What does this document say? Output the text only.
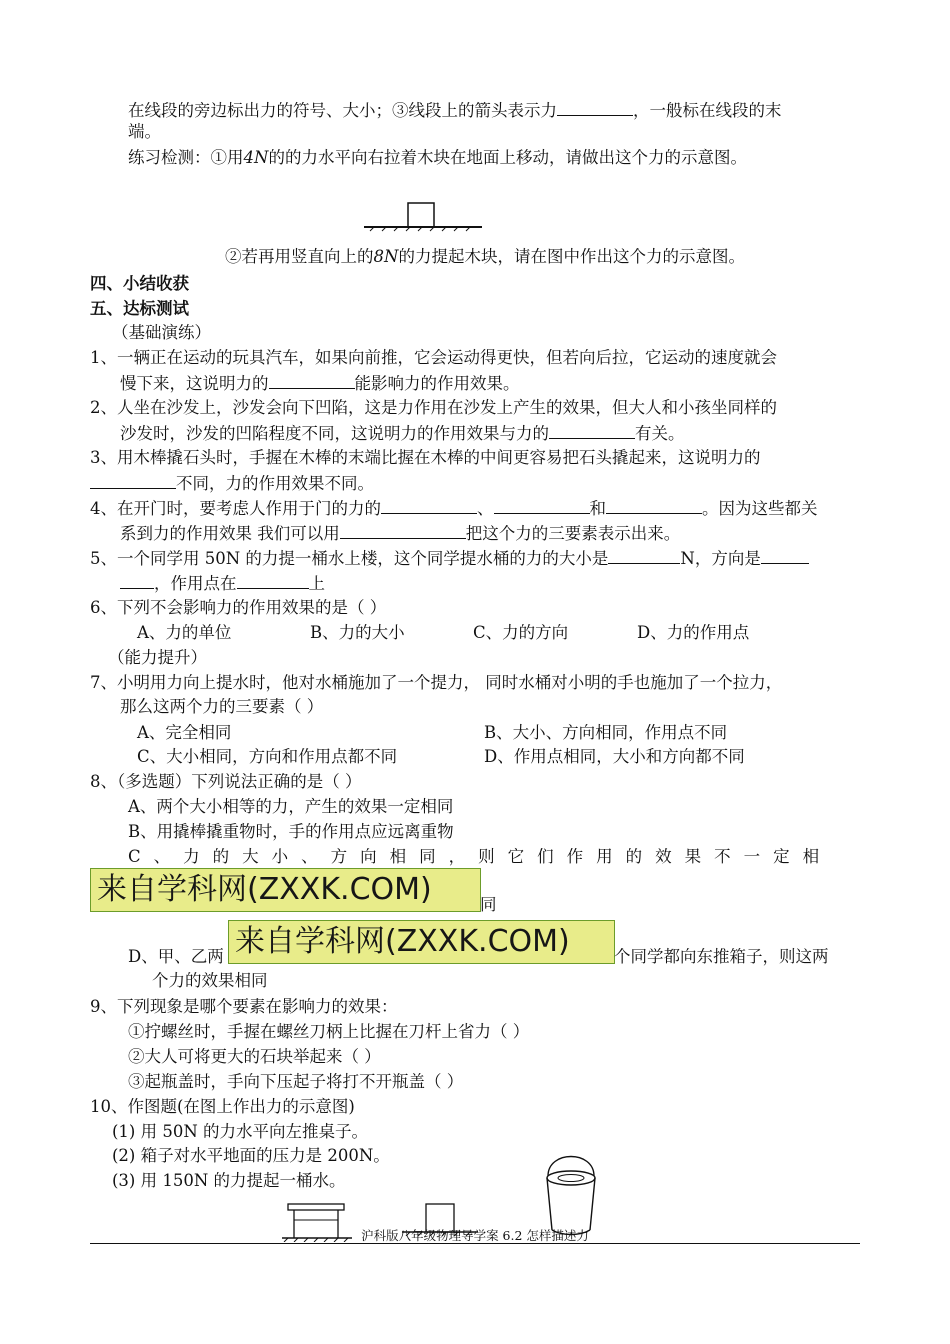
在线段的旁边标出力的符号、大小；③线段上的箭头表示力	，一般标在线段的末
端。
练习检测：①用4N的的力水平向右拉着木块在地面上移动，请做出这个力的示意图。
②若再用竖直向上的8N的力提起木块，请在图中作出这个力的示意图。
四、小结收获
五、达标测试
（基础演练）
1、一辆正在运动的玩具汽车，如果向前推，它会运动得更快，但若向后拉，它运动的速度就会
慢下来，这说明力的	能影响力的作用效果。
2、人坐在沙发上，沙发会向下凹陷，这是力作用在沙发上产生的效果，但大人和小孩坐同样的
沙发时，沙发的凹陷程度不同，这说明力的作用效果与力的	有关。
3、用木棒撬石头时，手握在木棒的末端比握在木棒的中间更容易把石头撬起来，这说明力的
不同，力的作用效果不同。
4、在开门时，要考虑人作用于门的力的	、	和	。因为这些都关
系到力的作用效果 我们可以用	把这个力的三要素表示出来。
5、一个同学用 50N 的力提一桶水上楼，这个同学提水桶的力的大小是	N，方向是
，作用点在	上
6、下列不会影响力的作用效果的是（ ）
A、力的单位	B、力的大小	C、力的方向	D、力的作用点
（能力提升）
7、小明用力向上提水时，他对水桶施加了一个提力， 同时水桶对小明的手也施加了一个拉力，
那么这两个力的三要素（ ）
A、完全相同	B、大小、方向相同，作用点不同
C、大小相同，方向和作用点都不同	D、作用点相同，大小和方向都不同
8、（多选题）下列说法正确的是（ ）
A、两个大小相等的力，产生的效果一定相同
B、用撬棒撬重物时，手的作用点应远离重物
C、力的大小、方向相同，则它们作用的效果不一定相
来自学科网(ZXXK.COM)	同
D、甲、乙两 来自学科网(ZXXK.COM)	个同学都向东推箱子，则这两
个力的效果相同
9、下列现象是哪个要素在影响力的效果：
①拧螺丝时，手握在螺丝刀柄上比握在刀杆上省力（ ）
②大人可将更大的石块举起来（ ）
③起瓶盖时，手向下压起子将打不开瓶盖（ ）
10、作图题(在图上作出力的示意图)
(1) 用 50N 的力水平向左推桌子。
(2) 箱子对水平地面的压力是 200N。
(3) 用 150N 的力提起一桶水。
沪科版八年级物理导学案 6.2 怎样描述力
